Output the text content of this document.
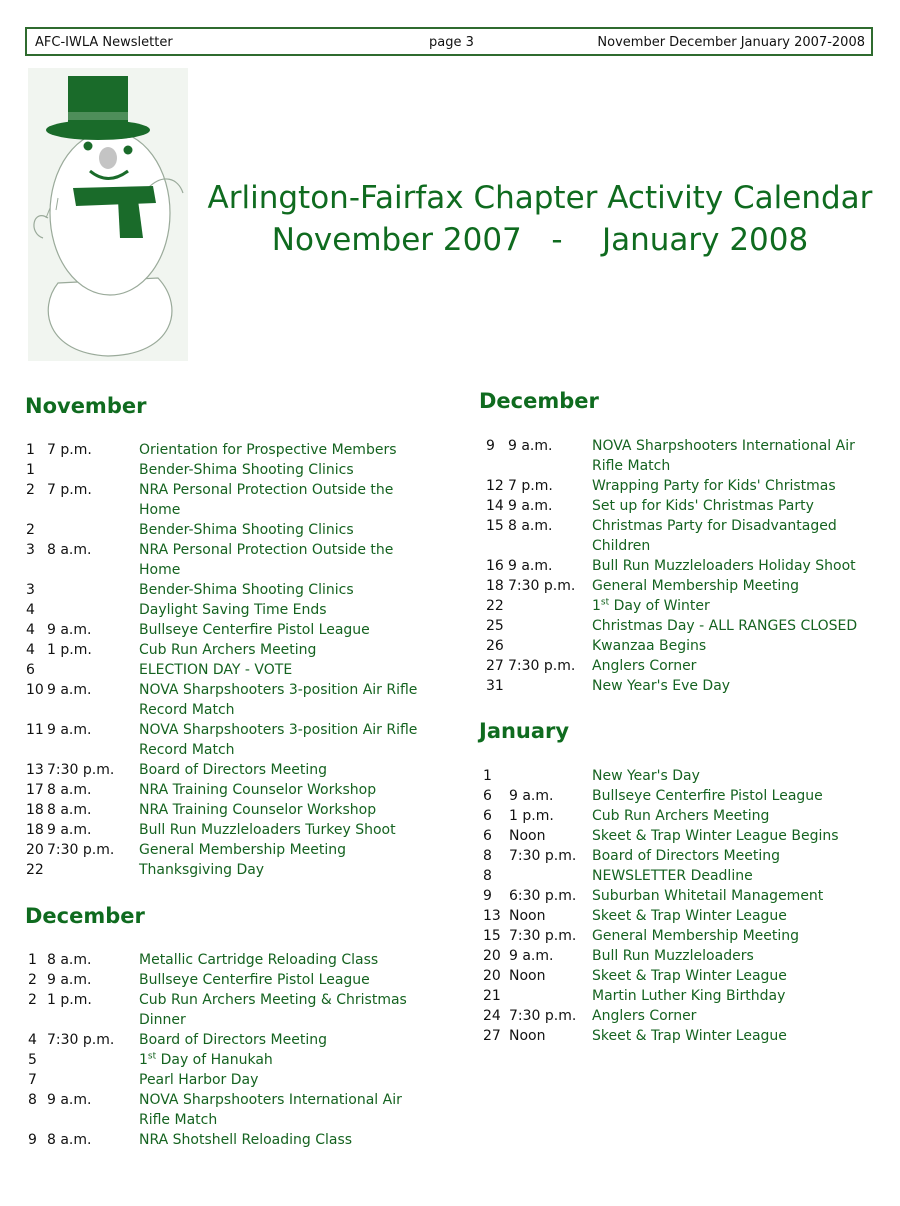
AFC-IWLA Newsletter	page 3	November December January 2007-2008
Arlington-Fairfax Chapter Activity Calendar
November 2007   -    January 2008
November
1 7 p.m.	Orientation for Prospective Members
1	Bender-Shima Shooting Clinics
2 7 p.m.	NRA Personal Protection Outside the
Home
2	Bender-Shima Shooting Clinics
3 8 a.m.	NRA Personal Protection Outside the
Home
3	Bender-Shima Shooting Clinics
4	Daylight Saving Time Ends
4 9 a.m.	Bullseye Centerfire Pistol League
4 1 p.m.	Cub Run Archers Meeting
6	ELECTION DAY - VOTE
10 9 a.m.	NOVA Sharpshooters 3-position Air Rifle
Record Match
11 9 a.m.	NOVA Sharpshooters 3-position Air Rifle
Record Match
13 7:30 p.m. Board of Directors Meeting
17 8 a.m.	NRA Training Counselor Workshop
18 8 a.m.	NRA Training Counselor Workshop
18 9 a.m.	Bull Run Muzzleloaders Turkey Shoot
20 7:30 p.m. General Membership Meeting
22	Thanksgiving Day
December
1 8 a.m.	Metallic Cartridge Reloading Class
2 9 a.m.	Bullseye Centerfire Pistol League
2 1 p.m.	Cub Run Archers Meeting & Christmas
Dinner
4 7:30 p.m. Board of Directors Meeting
5	1st Day of Hanukah
7	Pearl Harbor Day
8 9 a.m.	NOVA Sharpshooters International Air
Rifle Match
9 8 a.m.	NRA Shotshell Reloading Class
December
9 9 a.m.	NOVA Sharpshooters International Air
Rifle Match
12 7 p.m.	Wrapping Party for Kids' Christmas
14 9 a.m.	Set up for Kids' Christmas Party
15 8 a.m.	Christmas Party for Disadvantaged
Children
16 9 a.m.	Bull Run Muzzleloaders Holiday Shoot
18 7:30 p.m. General Membership Meeting
22	1st Day of Winter
25	Christmas Day - ALL RANGES CLOSED
26	Kwanzaa Begins
27 7:30 p.m. Anglers Corner
31	New Year's Eve Day
January
1	New Year's Day
6 9 a.m.	Bullseye Centerfire Pistol League
6 1 p.m.	Cub Run Archers Meeting
6 Noon	Skeet & Trap Winter League Begins
8 7:30 p.m. Board of Directors Meeting
8	NEWSLETTER Deadline
9 6:30 p.m. Suburban Whitetail Management
13 Noon	Skeet & Trap Winter League
15 7:30 p.m. General Membership Meeting
20 9 a.m.	Bull Run Muzzleloaders
20 Noon	Skeet & Trap Winter League
21	Martin Luther King Birthday
24 7:30 p.m. Anglers Corner
27 Noon	Skeet & Trap Winter League
